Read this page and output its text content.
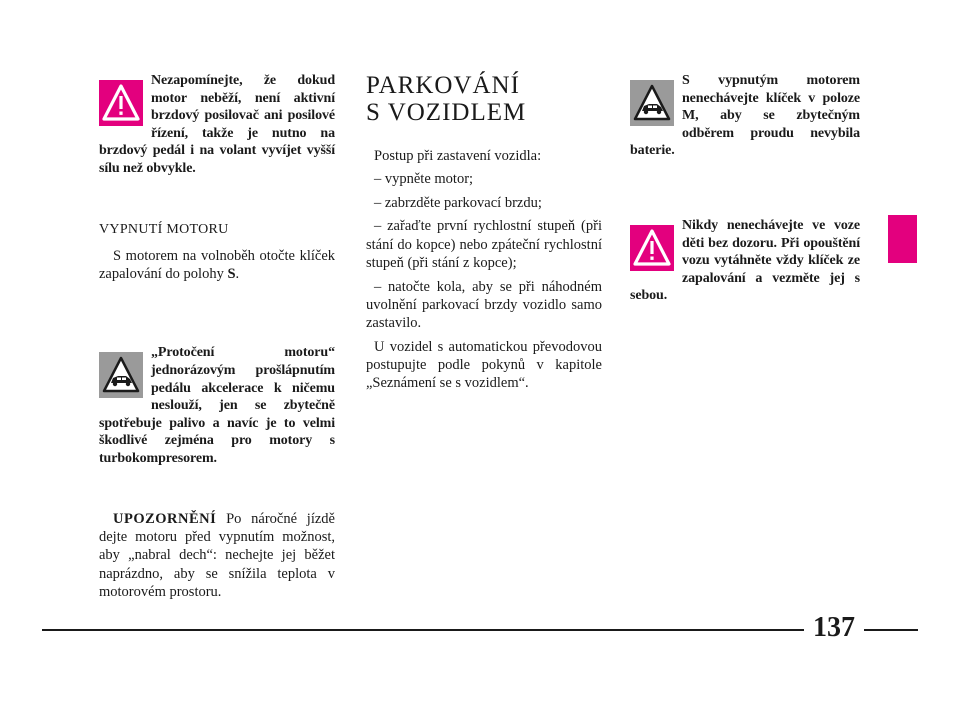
Nezapomínejte, že dokud motor neběží, není aktivní brzdový posilovač ani posilové řízení, takže je nutno na brzdový pedál i na volant vyvíjet vyšší sílu než obvykle.
VYPNUTÍ MOTORU

S motorem na volnoběh otočte klíček zapalování do polohy S.

„Protočení motoru“ jednorázovým prošlápnutím pedálu akcelerace k ničemu neslouží, jen se zbytečně spotřebuje palivo a navíc je to velmi škodlivé zejména pro motory s turbokompresorem.

UPOZORNĚNÍ Po náročné jízdě dejte motoru před vypnutím možnost, aby „nabral dech“: nechejte jej běžet naprázdno, aby se snížila teplota v motorovém prostoru.

PARKOVÁNÍ
S VOZIDLEM

Postup při zastavení vozidla:

– vypněte motor;

– zabrzděte parkovací brzdu;

– zařaďte první rychlostní stupeň (při stání do kopce) nebo zpáteční rychlostní stupeň (při stání z kopce);

– natočte kola, aby se při náhodném uvolnění parkovací brzdy vozidlo samo zastavilo.

U vozidel s automatickou převodovou postupujte podle pokynů v kapitole „Seznámení se s vozidlem“.

S vypnutým motorem nenechávejte klíček v poloze M, aby se zbytečným odběrem proudu nevybila baterie.
Nikdy nenechávejte ve voze děti bez dozoru. Při opouštění vozu vytáhněte vždy klíček ze zapalování a vezměte jej s sebou.
137
